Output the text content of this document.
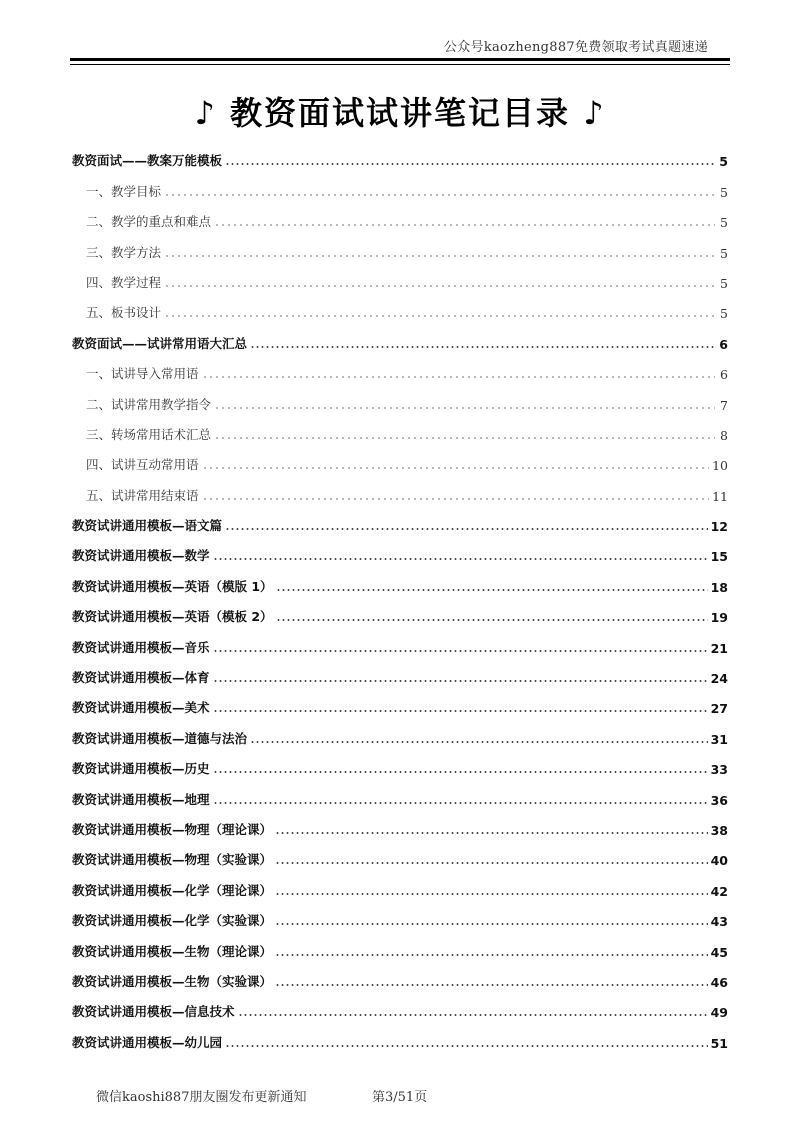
公众号kaozheng887免费领取考试真题速递
♪ 教资面试试讲笔记目录 ♪
教资面试——教案万能模板	5
一、教学目标	5
二、教学的重点和难点	5
三、教学方法	5
四、教学过程	5
五、板书设计	5
教资面试——试讲常用语大汇总	6
一、试讲导入常用语	6
二、试讲常用教学指令	7
三、转场常用话术汇总	8
四、试讲互动常用语	10
五、试讲常用结束语	11
教资试讲通用模板—语文篇	12
教资试讲通用模板—数学	15
教资试讲通用模板—英语（模版 1）	18
教资试讲通用模板—英语（模板 2）	19
教资试讲通用模板—音乐	21
教资试讲通用模板—体育	24
教资试讲通用模板—美术	27
教资试讲通用模板—道德与法治	31
教资试讲通用模板—历史	33
教资试讲通用模板—地理	36
教资试讲通用模板—物理（理论课）	38
教资试讲通用模板—物理（实验课）	40
教资试讲通用模板—化学（理论课）	42
教资试讲通用模板—化学（实验课）	43
教资试讲通用模板—生物（理论课）	45
教资试讲通用模板—生物（实验课）	46
教资试讲通用模板—信息技术	49
教资试讲通用模板—幼儿园	51
微信kaoshi887朋友圈发布更新通知	第3/51页
